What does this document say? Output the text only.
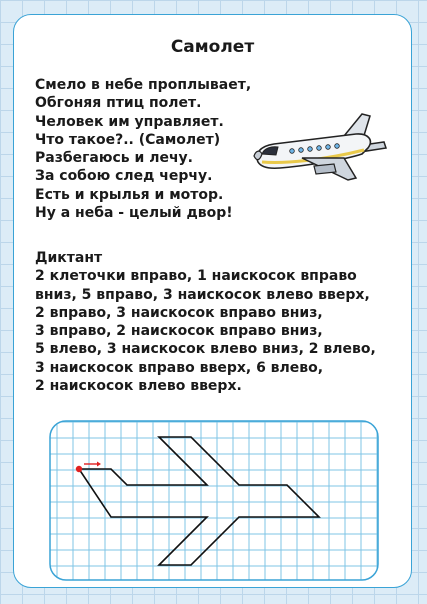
Самолет
Смело в небе проплывает,
Обгоняя птиц полет.
Человек им управляет.
Что такое?.. (Самолет)
Разбегаюсь и лечу.
За собою след черчу.
Есть и крылья и мотор.
Ну а неба - целый двор!
Диктант
2 клеточки вправо, 1 наискосок вправо
вниз, 5 вправо, 3 наискосок влево вверх,
2 вправо, 3 наискосок вправо вниз,
3 вправо, 2 наискосок вправо вниз,
5 влево, 3 наискосок влево вниз, 2 влево,
3 наискосок вправо вверх, 6 влево,
2 наискосок влево вверх.
